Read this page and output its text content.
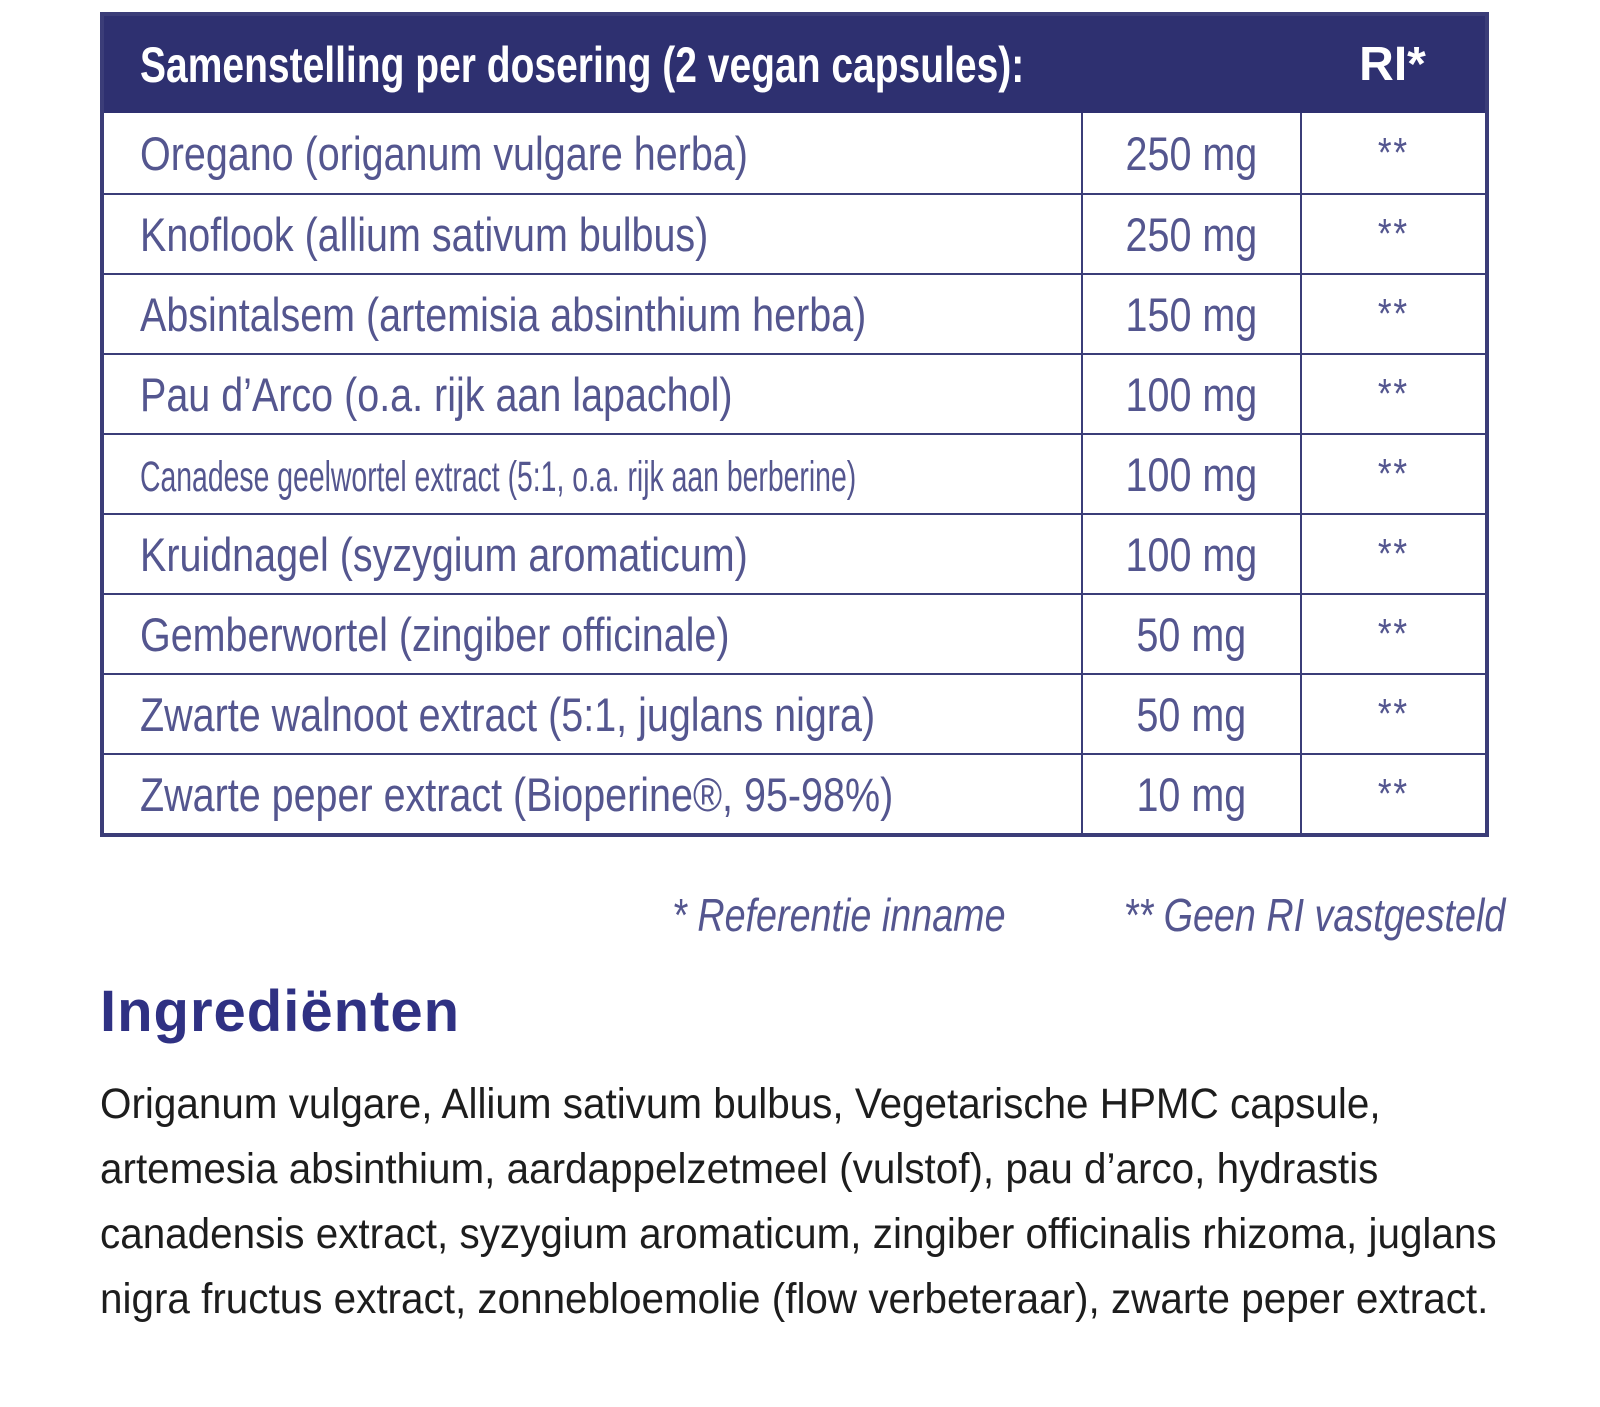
Samenstelling per dosering (2 vegan capsules):	RI*
Oregano (origanum vulgare herba)	250 mg	**
Knoflook (allium sativum bulbus)	250 mg	**
Absintalsem (artemisia absinthium herba)	150 mg	**
Pau d’Arco (o.a. rijk aan lapachol)	100 mg	**
Canadese geelwortel extract (5:1, o.a. rijk aan berberine)	100 mg	**
Kruidnagel (syzygium aromaticum)	100 mg	**
Gemberwortel (zingiber officinale)	50 mg	**
Zwarte walnoot extract (5:1, juglans nigra)	50 mg	**
Zwarte peper extract (Bioperine®, 95-98%)	10 mg	**
* Referentie inname	** Geen RI vastgesteld
Ingrediënten
Origanum vulgare, Allium sativum bulbus, Vegetarische HPMC capsule, artemesia absinthium, aardappelzetmeel (vulstof), pau d’arco, hydrastis canadensis extract, syzygium aromaticum, zingiber officinalis rhizoma, juglans nigra fructus extract, zonnebloemolie (flow verbeteraar), zwarte peper extract.
